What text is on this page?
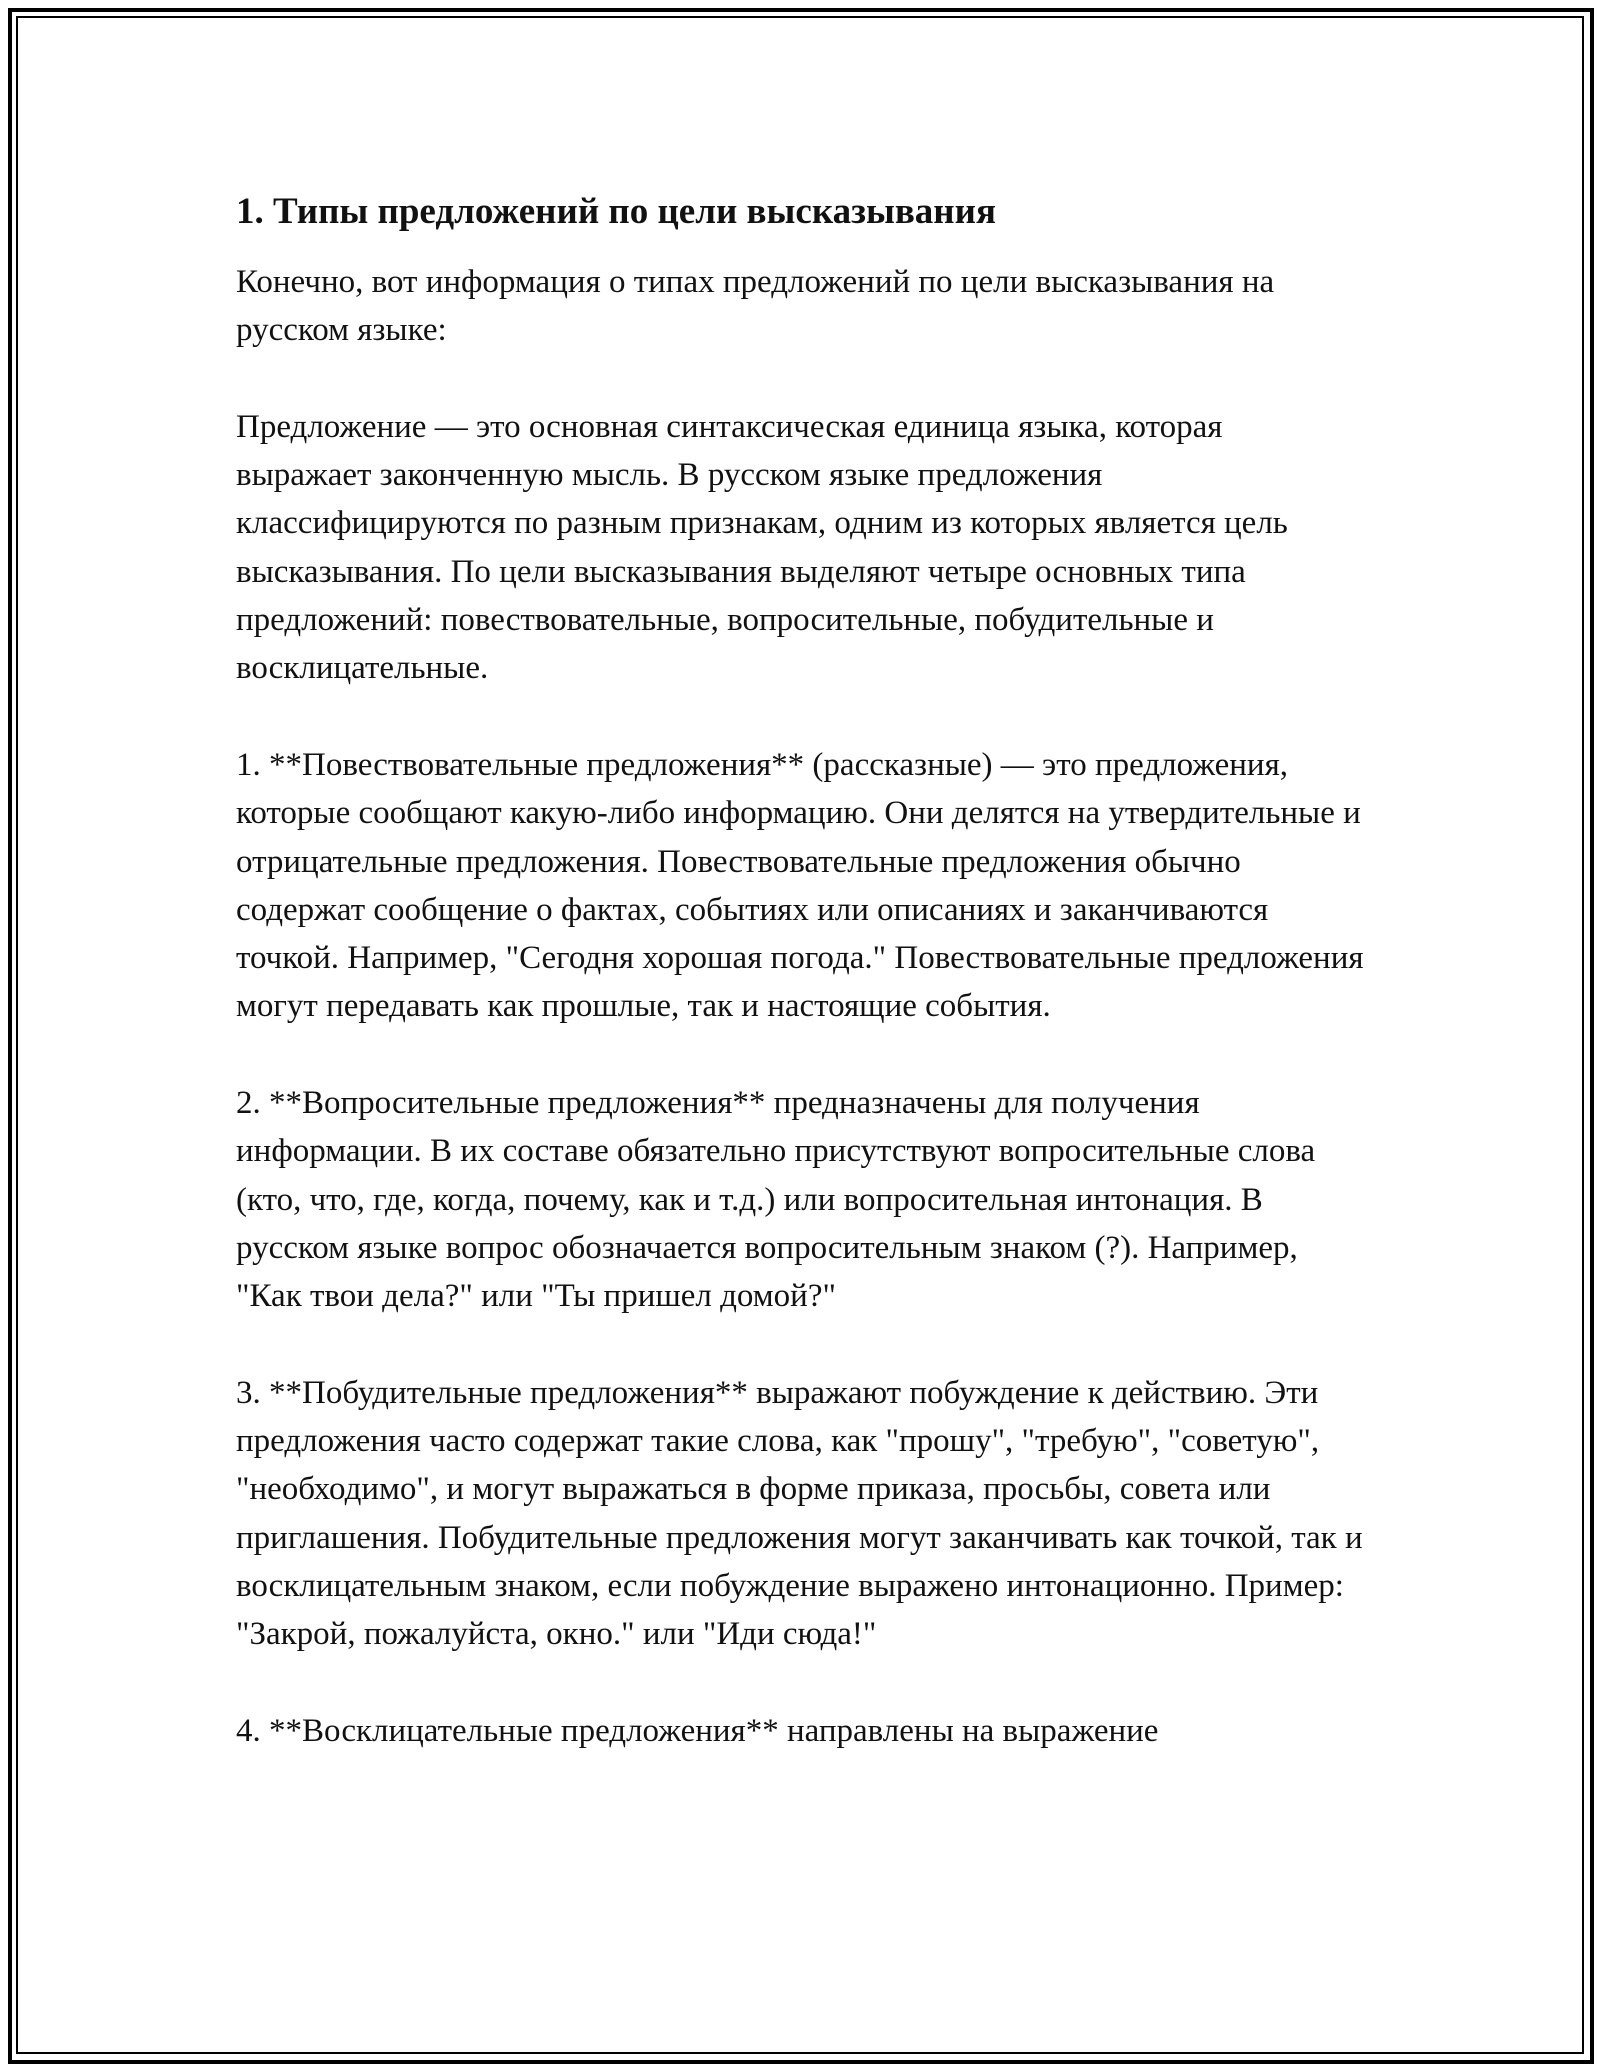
1. Типы предложений по цели высказывания

Конечно, вот информация о типах предложений по цели высказывания на русском языке:

Предложение — это основная синтаксическая единица языка, которая выражает законченную мысль. В русском языке предложения классифицируются по разным признакам, одним из которых является цель высказывания. По цели высказывания выделяют четыре основных типа предложений: повествовательные, вопросительные, побудительные и восклицательные.

1. **Повествовательные предложения** (рассказные) — это предложения, которые сообщают какую-либо информацию. Они делятся на утвердительные и отрицательные предложения. Повествовательные предложения обычно содержат сообщение о фактах, событиях или описаниях и заканчиваются точкой. Например, "Сегодня хорошая погода." Повествовательные предложения могут передавать как прошлые, так и настоящие события.

2. **Вопросительные предложения** предназначены для получения информации. В их составе обязательно присутствуют вопросительные слова (кто, что, где, когда, почему, как и т.д.) или вопросительная интонация. В русском языке вопрос обозначается вопросительным знаком (?). Например, "Как твои дела?" или "Ты пришел домой?"

3. **Побудительные предложения** выражают побуждение к действию. Эти предложения часто содержат такие слова, как "прошу", "требую", "советую", "необходимо", и могут выражаться в форме приказа, просьбы, совета или приглашения. Побудительные предложения могут заканчивать как точкой, так и восклицательным знаком, если побуждение выражено интонационно. Пример: "Закрой, пожалуйста, окно." или "Иди сюда!"

4. **Восклицательные предложения** направлены на выражение
